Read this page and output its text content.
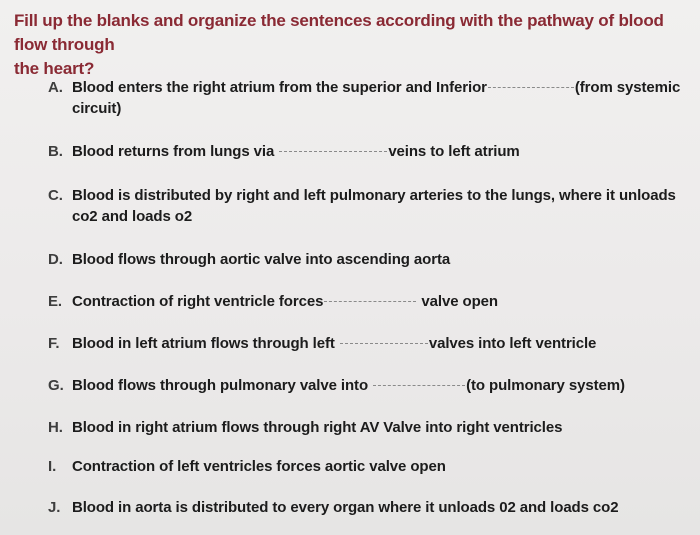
Fill up the blanks and organize the sentences according with the pathway of blood flow through
the heart?
A. Blood enters the right atrium from the superior and Inferior	(from systemic
circuit)
B. Blood returns from lungs via	veins to left atrium
C. Blood is distributed by right and left pulmonary arteries to the lungs, where it unloads
co2 and loads o2
D. Blood flows through aortic valve into ascending aorta
E. Contraction of right ventricle forces	valve open
F. Blood in left atrium flows through left	valves into left ventricle
G. Blood flows through pulmonary valve into	(to pulmonary system)
H. Blood in right atrium flows through right AV Valve into right ventricles
I.	Contraction of left ventricles forces aortic valve open
J. Blood in aorta is distributed to every organ where it unloads 02 and loads co2
